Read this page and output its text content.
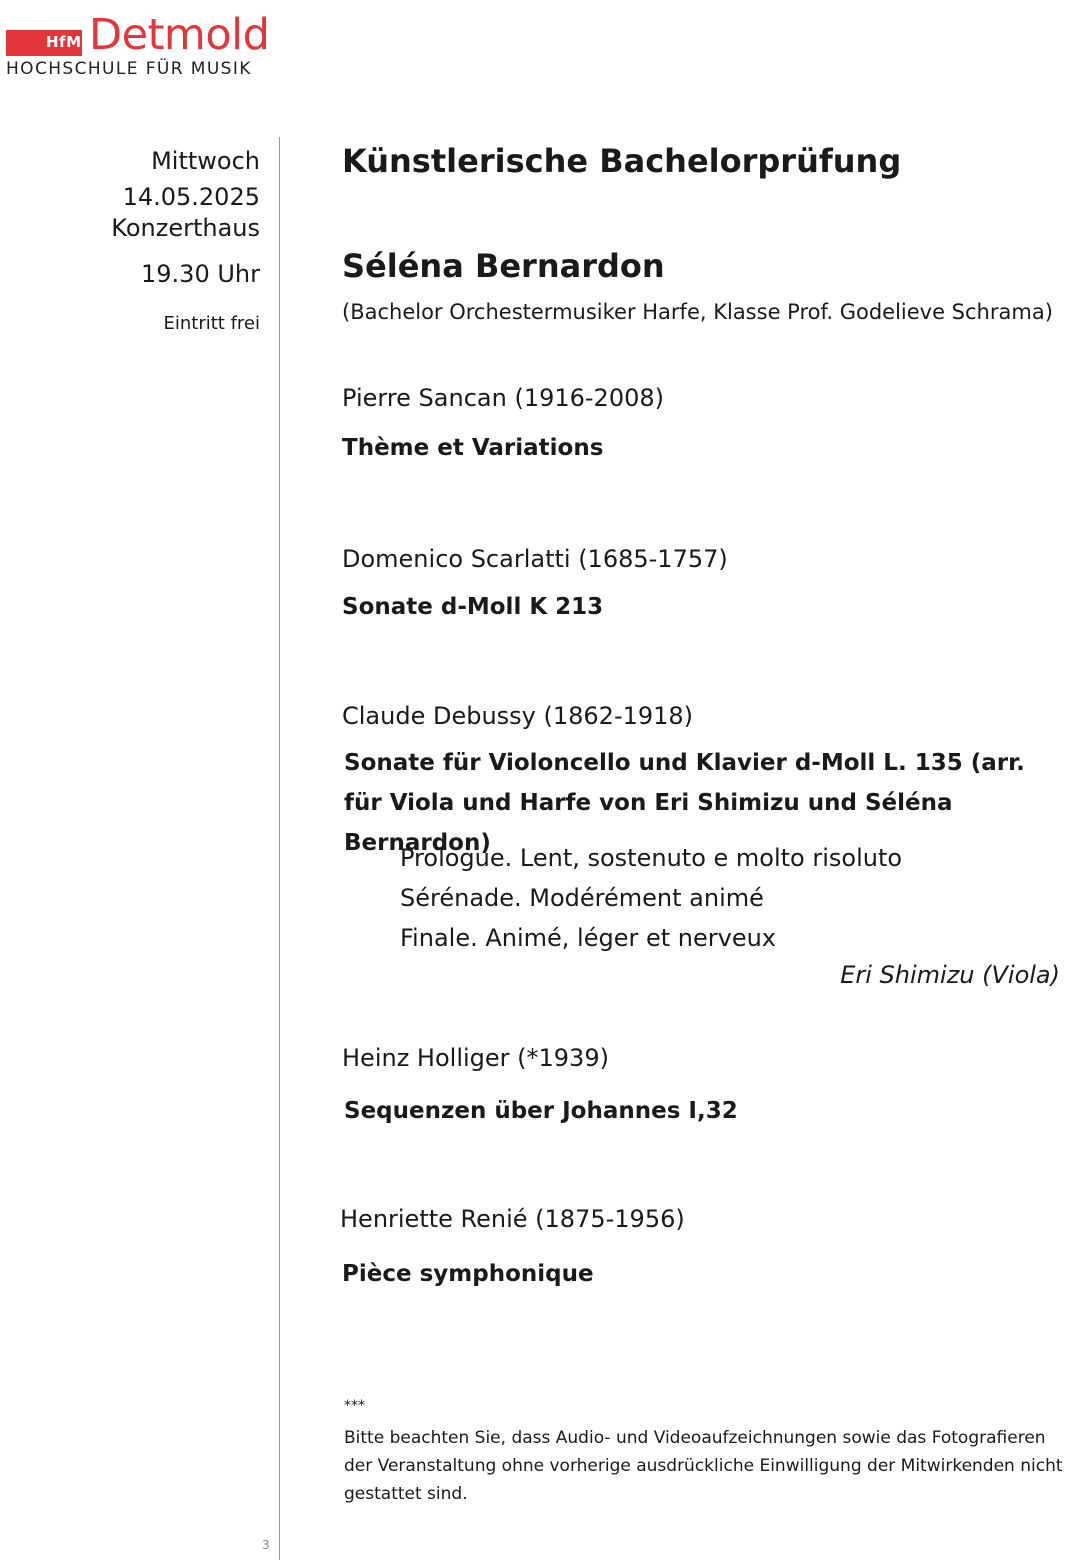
HfM Detmold
HOCHSCHULE FÜR MUSIK
Mittwoch
14.05.2025
Konzerthaus
19.30 Uhr
Eintritt frei
Künstlerische Bachelorprüfung
Séléna Bernardon
(Bachelor Orchestermusiker Harfe, Klasse Prof. Godelieve Schrama)
Pierre Sancan (1916-2008)
Thème et Variations
Domenico Scarlatti (1685-1757)
Sonate d-Moll K 213
Claude Debussy (1862-1918)
Sonate für Violoncello und Klavier d-Moll L. 135 (arr. für Viola und Harfe von Eri Shimizu und Séléna Bernardon)
Prologue. Lent, sostenuto e molto risoluto
Sérénade. Modérément animé
Finale. Animé, léger et nerveux
Eri Shimizu (Viola)
Heinz Holliger (*1939)
Sequenzen über Johannes I,32
Henriette Renié (1875-1956)
Pièce symphonique
***
Bitte beachten Sie, dass Audio- und Videoaufzeichnungen sowie das Fotografieren der Veranstaltung ohne vorherige ausdrückliche Einwilligung der Mitwirkenden nicht gestattet sind.
3
